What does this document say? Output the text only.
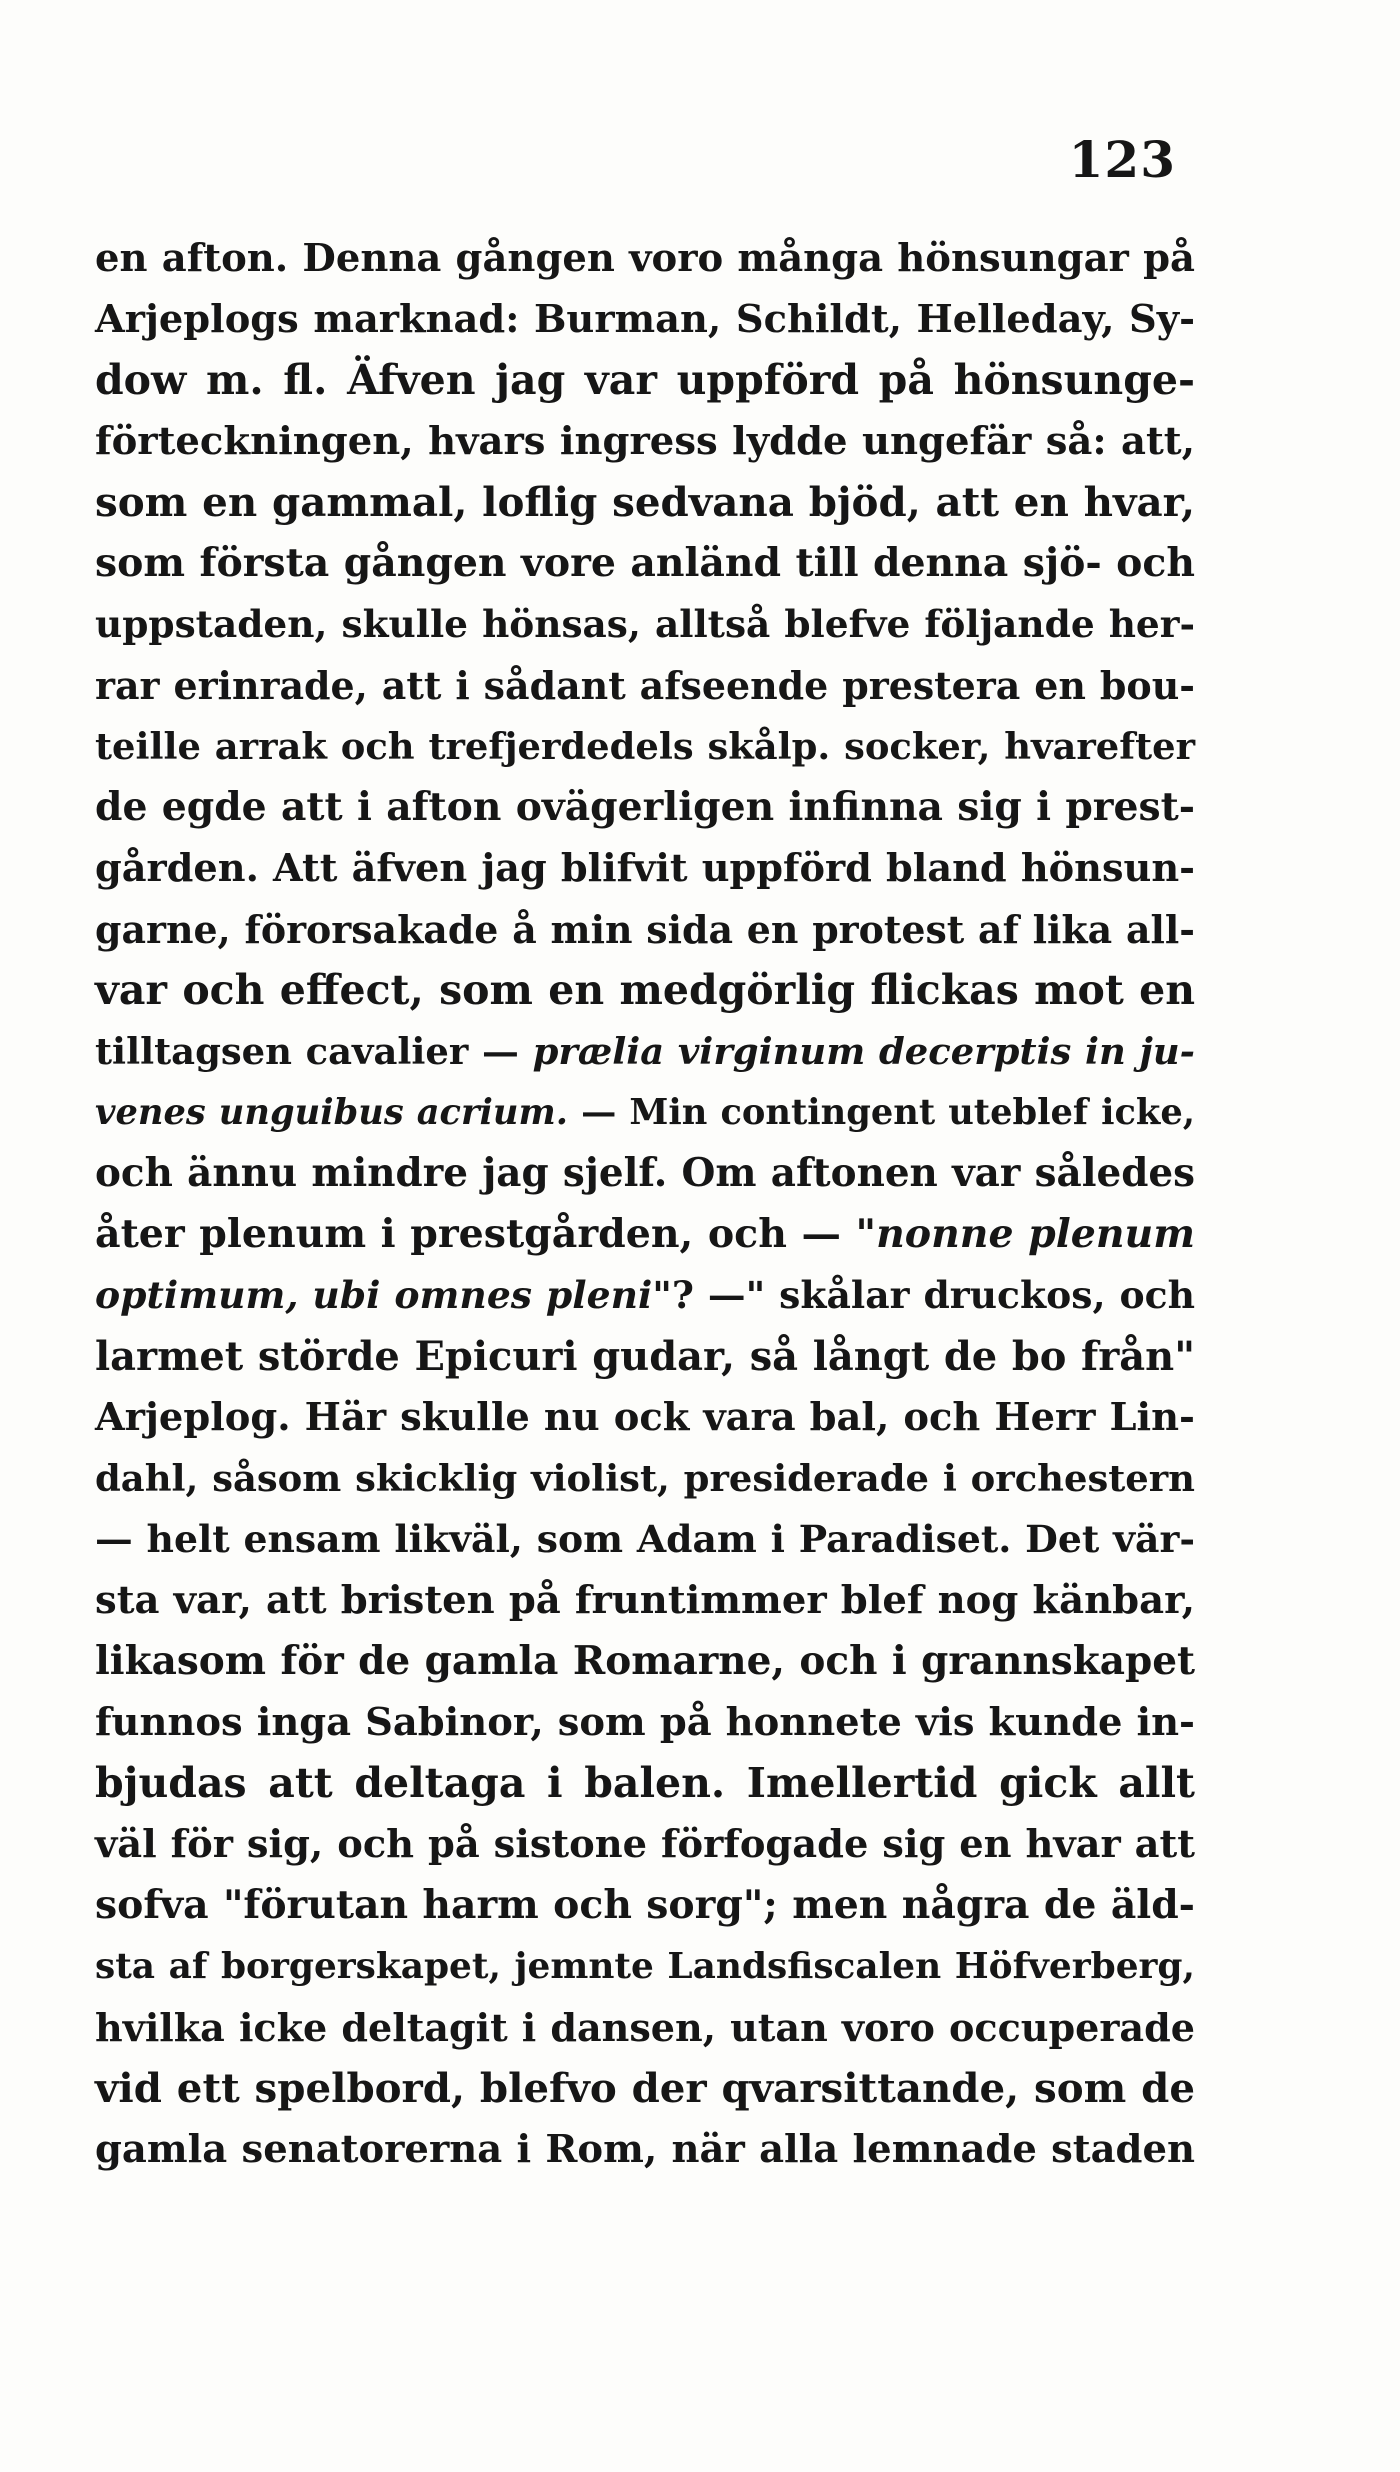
123
en afton. Denna gången voro många hönsungar på
Arjeplogs marknad: Burman, Schildt, Helleday, Sy-
dow m. fl. Äfven jag var uppförd på hönsunge-
förteckningen, hvars ingress lydde ungefär så: att,
som en gammal, loflig sedvana bjöd, att en hvar,
som första gången vore anländ till denna sjö- och
uppstaden, skulle hönsas, alltså blefve följande her-
rar erinrade, att i sådant afseende prestera en bou-
teille arrak och trefjerdedels skålp. socker, hvarefter
de egde att i afton ovägerligen infinna sig i prest-
gården. Att äfven jag blifvit uppförd bland hönsun-
garne, förorsakade å min sida en protest af lika all-
var och effect, som en medgörlig flickas mot en
tilltagsen cavalier — prælia virginum decerptis in ju-
venes unguibus acrium. — Min contingent uteblef icke,
och ännu mindre jag sjelf. Om aftonen var således
åter plenum i prestgården, och — "nonne plenum
optimum, ubi omnes pleni"? —" skålar druckos, och
larmet störde Epicuri gudar, så långt de bo från"
Arjeplog. Här skulle nu ock vara bal, och Herr Lin-
dahl, såsom skicklig violist, presiderade i orchestern
— helt ensam likväl, som Adam i Paradiset. Det vär-
sta var, att bristen på fruntimmer blef nog känbar,
likasom för de gamla Romarne, och i grannskapet
funnos inga Sabinor, som på honnete vis kunde in-
bjudas att deltaga i balen. Imellertid gick allt
väl för sig, och på sistone förfogade sig en hvar att
sofva "förutan harm och sorg"; men några de äld-
sta af borgerskapet, jemnte Landsfiscalen Höfverberg,
hvilka icke deltagit i dansen, utan voro occuperade
vid ett spelbord, blefvo der qvarsittande, som de
gamla senatorerna i Rom, när alla lemnade staden
